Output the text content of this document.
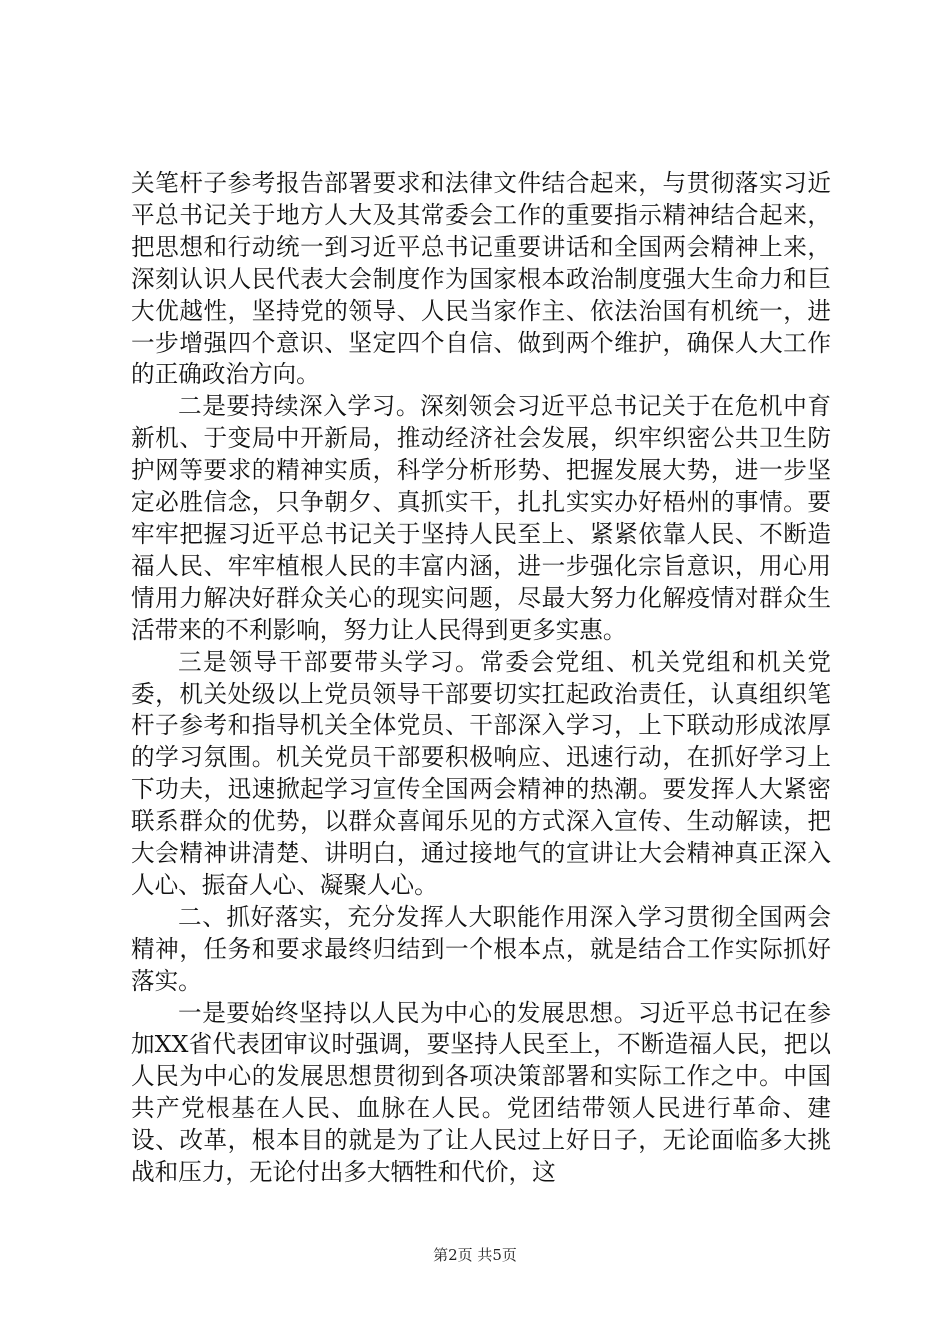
关笔杆子参考报告部署要求和法律文件结合起来，与贯彻落实习近平总书记关于地方人大及其常委会工作的重要指示精神结合起来，把思想和行动统一到习近平总书记重要讲话和全国两会精神上来，深刻认识人民代表大会制度作为国家根本政治制度强大生命力和巨大优越性，坚持党的领导、人民当家作主、依法治国有机统一，进一步增强四个意识、坚定四个自信、做到两个维护，确保人大工作的正确政治方向。

二是要持续深入学习。深刻领会习近平总书记关于在危机中育新机、于变局中开新局，推动经济社会发展，织牢织密公共卫生防护网等要求的精神实质，科学分析形势、把握发展大势，进一步坚定必胜信念，只争朝夕、真抓实干，扎扎实实办好梧州的事情。要牢牢把握习近平总书记关于坚持人民至上、紧紧依靠人民、不断造福人民、牢牢植根人民的丰富内涵，进一步强化宗旨意识，用心用情用力解决好群众关心的现实问题，尽最大努力化解疫情对群众生活带来的不利影响，努力让人民得到更多实惠。

三是领导干部要带头学习。常委会党组、机关党组和机关党委，机关处级以上党员领导干部要切实扛起政治责任，认真组织笔杆子参考和指导机关全体党员、干部深入学习，上下联动形成浓厚的学习氛围。机关党员干部要积极响应、迅速行动，在抓好学习上下功夫，迅速掀起学习宣传全国两会精神的热潮。要发挥人大紧密联系群众的优势，以群众喜闻乐见的方式深入宣传、生动解读，把大会精神讲清楚、讲明白，通过接地气的宣讲让大会精神真正深入人心、振奋人心、凝聚人心。

二、抓好落实，充分发挥人大职能作用深入学习贯彻全国两会精神，任务和要求最终归结到一个根本点，就是结合工作实际抓好落实。

一是要始终坚持以人民为中心的发展思想。习近平总书记在参加XX省代表团审议时强调，要坚持人民至上，不断造福人民，把以人民为中心的发展思想贯彻到各项决策部署和实际工作之中。中国共产党根基在人民、血脉在人民。党团结带领人民进行革命、建设、改革，根本目的就是为了让人民过上好日子，无论面临多大挑战和压力，无论付出多大牺牲和代价，这

第2页 共5页
